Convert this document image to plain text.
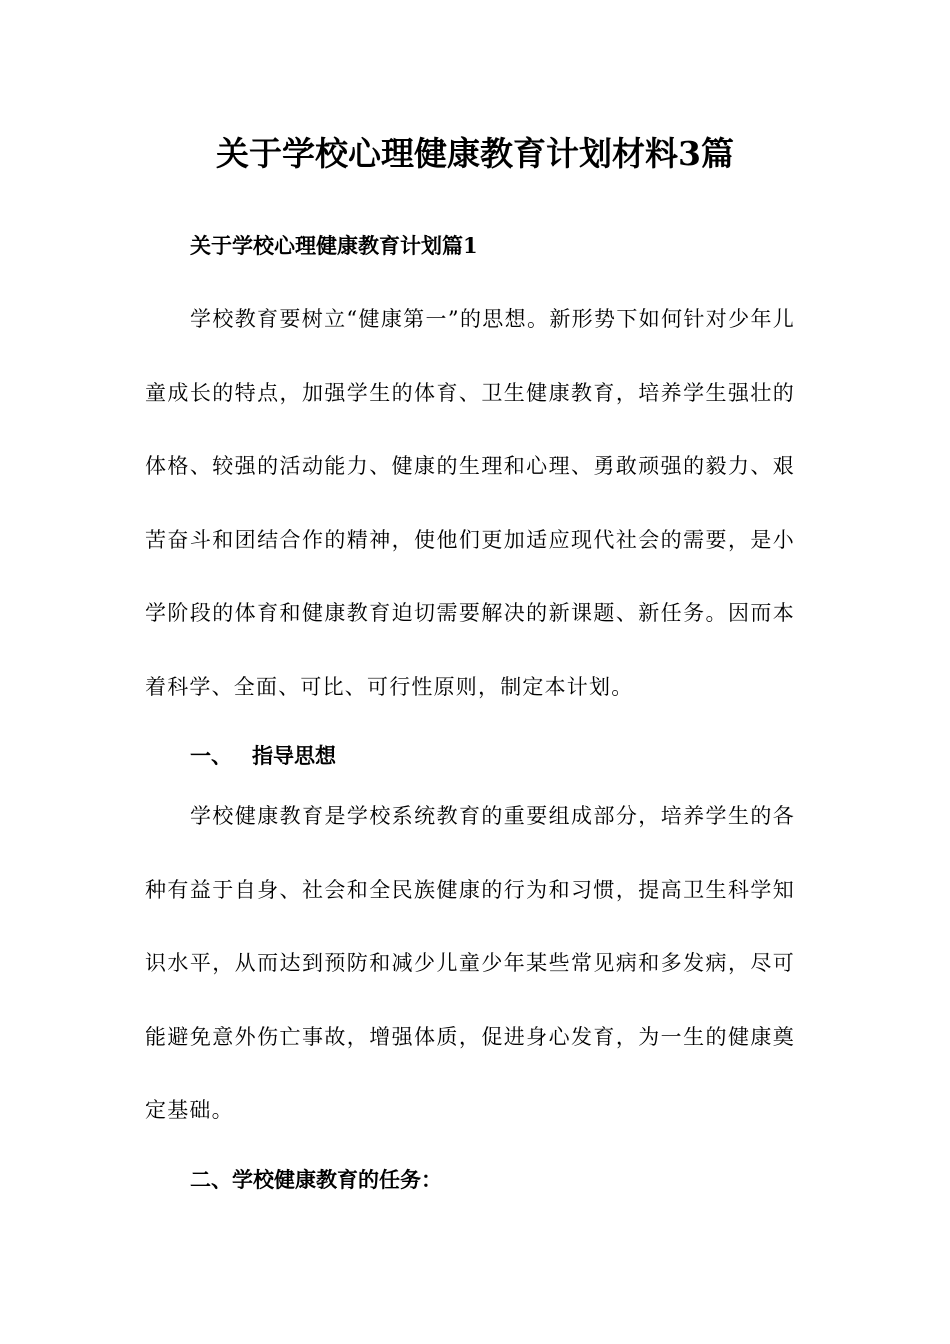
关于学校心理健康教育计划材料3篇
关于学校心理健康教育计划篇1

学校教育要树立“健康第一”的思想。新形势下如何针对少年儿童成长的特点，加强学生的体育、卫生健康教育，培养学生强壮的体格、较强的活动能力、健康的生理和心理、勇敢顽强的毅力、艰苦奋斗和团结合作的精神，使他们更加适应现代社会的需要，是小学阶段的体育和健康教育迫切需要解决的新课题、新任务。因而本着科学、全面、可比、可行性原则，制定本计划。

一、 指导思想

学校健康教育是学校系统教育的重要组成部分，培养学生的各种有益于自身、社会和全民族健康的行为和习惯，提高卫生科学知识水平，从而达到预防和减少儿童少年某些常见病和多发病，尽可能避免意外伤亡事故，增强体质，促进身心发育，为一生的健康奠定基础。

二、学校健康教育的任务：
